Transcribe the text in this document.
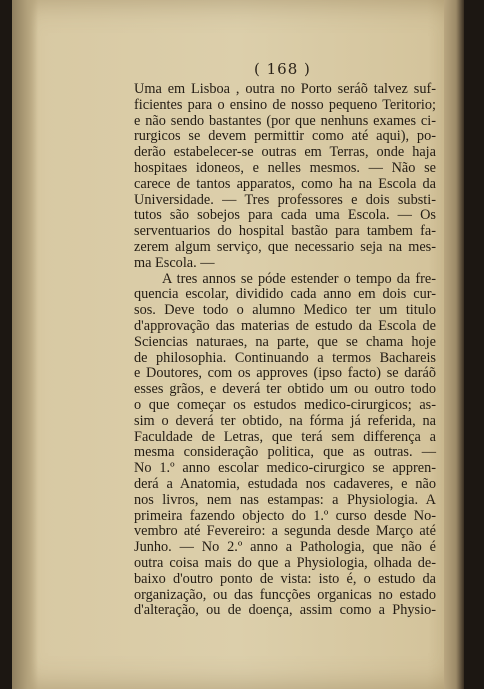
( 168 )
Uma em Lisboa , outra no Porto seráõ talvez suf-
ficientes para o ensino de nosso pequeno Teritorio;
e não sendo bastantes (por que nenhuns exames ci-
rurgicos se devem permittir como até aqui), po-
derão estabelecer-se outras em Terras, onde haja
hospitaes idoneos, e nelles mesmos. — Não se
carece de tantos apparatos, como ha na Escola da
Universidade. — Tres professores e dois substi-
tutos são sobejos para cada uma Escola. — Os
serventuarios do hospital bastão para tambem fa-
zerem algum serviço, que necessario seja na mes-
ma Escola. —
A tres annos se póde estender o tempo da fre-
quencia escolar, dividido cada anno em dois cur-
sos. Deve todo o alumno Medico ter um titulo
d'approvação das materias de estudo da Escola de
Sciencias naturaes, na parte, que se chama hoje
de philosophia. Continuando a termos Bachareis
e Doutores, com os approves (ipso facto) se daráõ
esses grãos, e deverá ter obtido um ou outro todo
o que começar os estudos medico-cirurgicos; as-
sim o deverá ter obtido, na fórma já referida, na
Faculdade de Letras, que terá sem differença a
mesma consideração politica, que as outras. —
No 1.º anno escolar medico-cirurgico se appren-
derá a Anatomia, estudada nos cadaveres, e não
nos livros, nem nas estampas: a Physiologia. A
primeira fazendo objecto do 1.º curso desde No-
vembro até Fevereiro: a segunda desde Março até
Junho. — No 2.º anno a Pathologia, que não é
outra coisa mais do que a Physiologia, olhada de-
baixo d'outro ponto de vista: isto é, o estudo da
organização, ou das funcções organicas no estado
d'alteração, ou de doença, assim como a Physio-
